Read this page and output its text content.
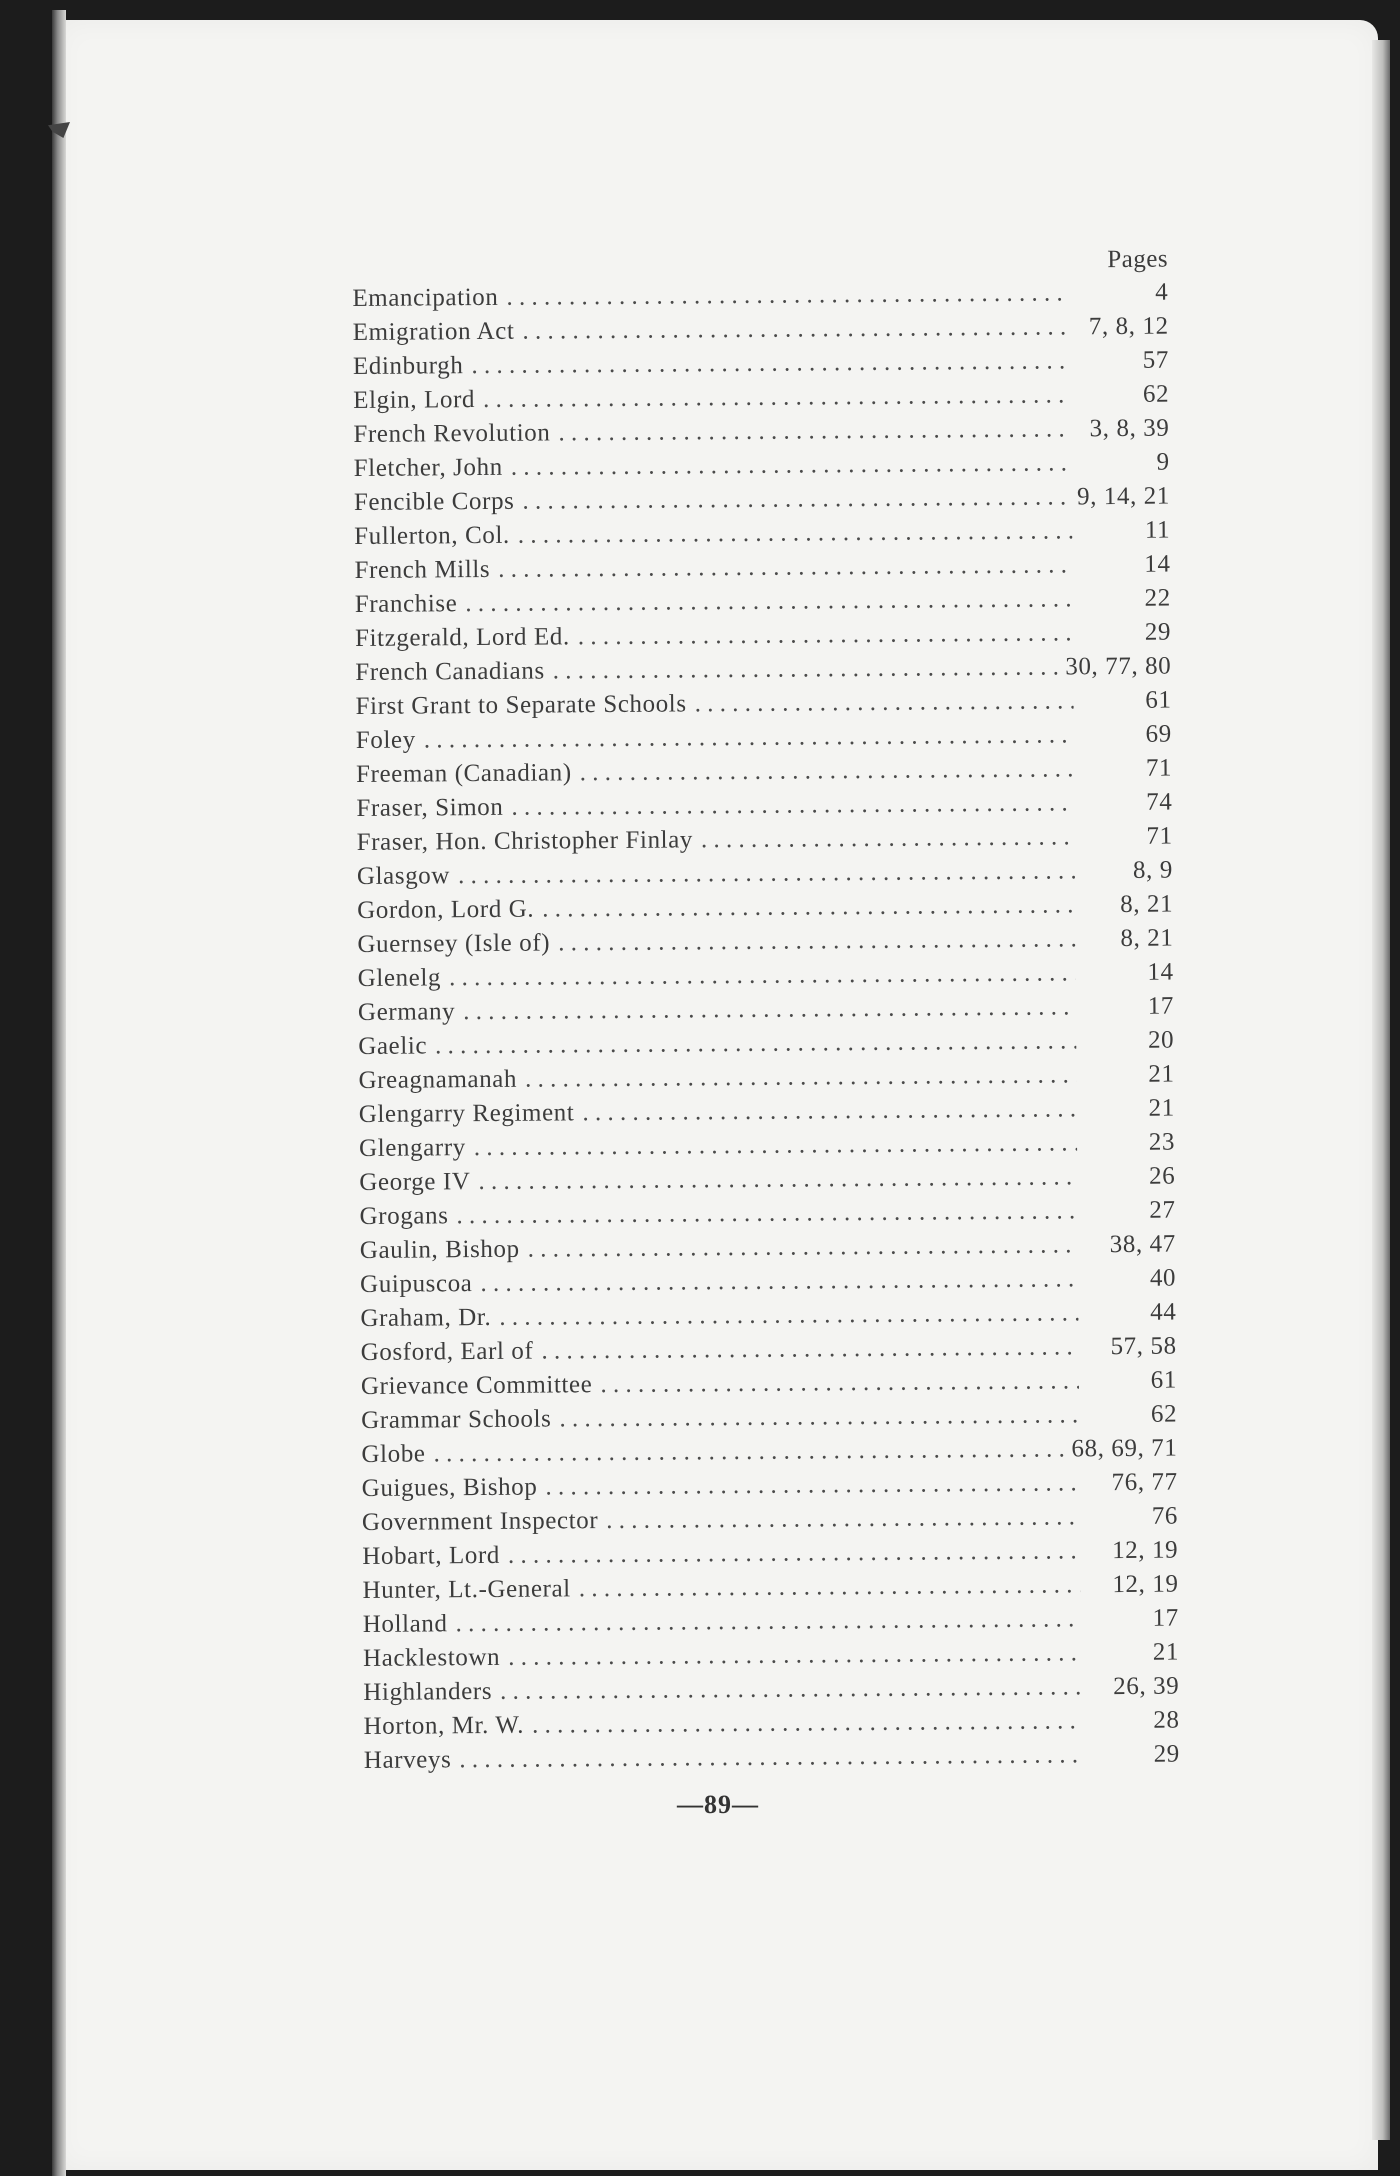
Pages
Emancipation . . .	4
Emigration Act . . .	7, 8, 12
Edinburgh . . .	57
Elgin, Lord . . .	62
French Revolution . . .	3, 8, 39
Fletcher, John . . .	9
Fencible Corps . . .	9, 14, 21
Fullerton, Col. . . .	11
French Mills . . .	14
Franchise . . .	22
Fitzgerald, Lord Ed. . . .	29
French Canadians . . .	30, 77, 80
First Grant to Separate Schools . . .	61
Foley . . .	69
Freeman (Canadian) . . .	71
Fraser, Simon . . .	74
Fraser, Hon. Christopher Finlay . . .	71
Glasgow . . .	8, 9
Gordon, Lord G. . . .	8, 21
Guernsey (Isle of) . . .	8, 21
Glenelg . . .	14
Germany . . .	17
Gaelic . . .	20
Greagnamanah . . .	21
Glengarry Regiment . . .	21
Glengarry . . .	23
George IV . . .	26
Grogans . . .	27
Gaulin, Bishop . . .	38, 47
Guipuscoa . . .	40
Graham, Dr. . . .	44
Gosford, Earl of . . .	57, 58
Grievance Committee . . .	61
Grammar Schools . . .	62
Globe . . .	68, 69, 71
Guigues, Bishop . . .	76, 77
Government Inspector . . .	76
Hobart, Lord . . .	12, 19
Hunter, Lt.-General . . .	12, 19
Holland . . .	17
Hacklestown . . .	21
Highlanders . . .	26, 39
Horton, Mr. W. . . .	28
Harveys . . .	29
—89—
